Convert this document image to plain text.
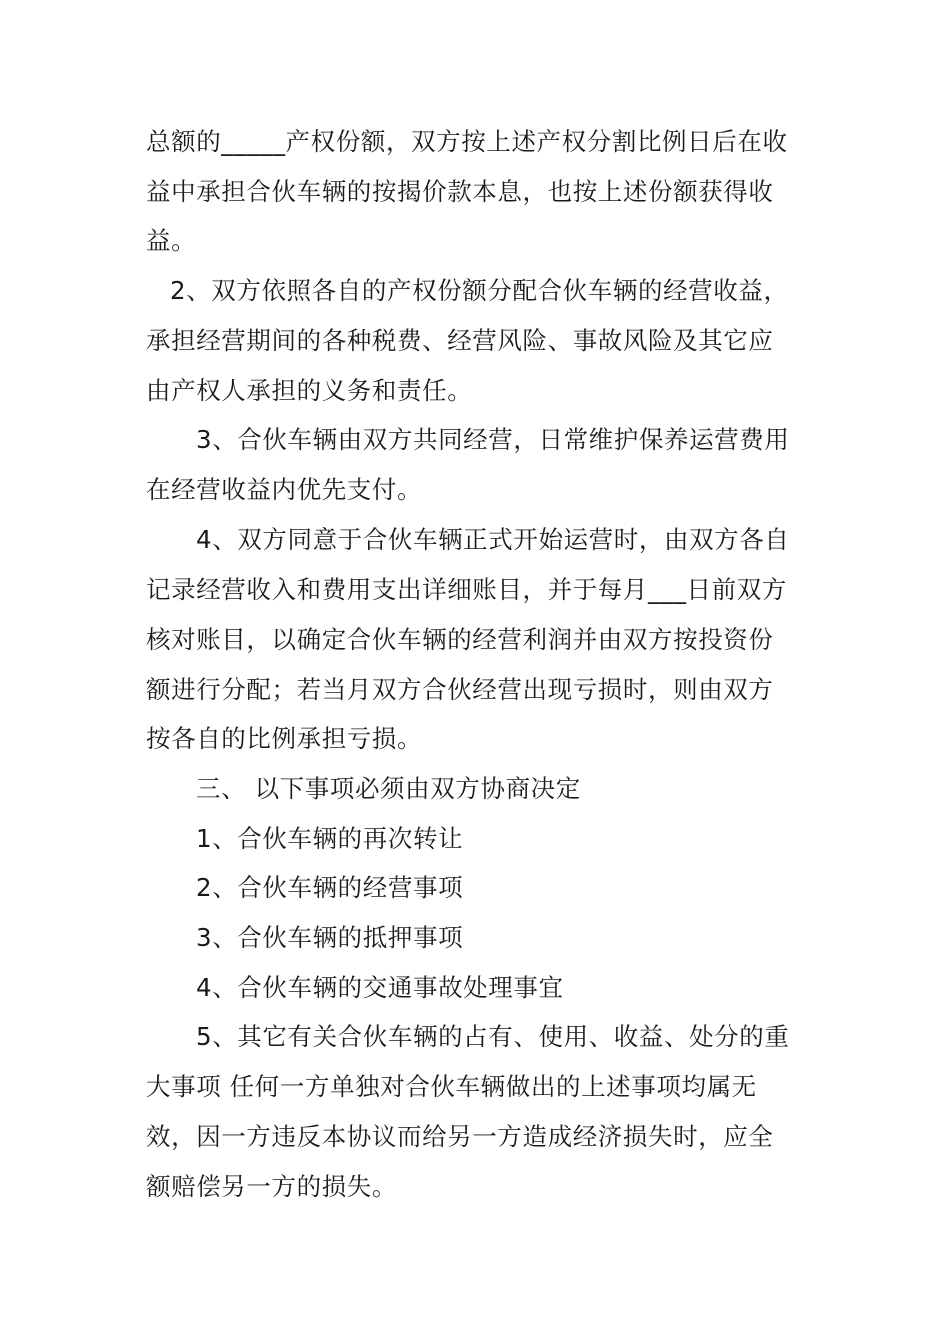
总额的_____产权份额，双方按上述产权分割比例日后在收
益中承担合伙车辆的按揭价款本息，也按上述份额获得收
益。
2、双方依照各自的产权份额分配合伙车辆的经营收益，
承担经营期间的各种税费、经营风险、事故风险及其它应
由产权人承担的义务和责任。
3、合伙车辆由双方共同经营，日常维护保养运营费用
在经营收益内优先支付。
4、双方同意于合伙车辆正式开始运营时，由双方各自
记录经营收入和费用支出详细账目，并于每月___日前双方
核对账目，以确定合伙车辆的经营利润并由双方按投资份
额进行分配；若当月双方合伙经营出现亏损时，则由双方
按各自的比例承担亏损。
三、 以下事项必须由双方协商决定
1、合伙车辆的再次转让
2、合伙车辆的经营事项
3、合伙车辆的抵押事项
4、合伙车辆的交通事故处理事宜
5、其它有关合伙车辆的占有、使用、收益、处分的重
大事项 任何一方单独对合伙车辆做出的上述事项均属无
效，因一方违反本协议而给另一方造成经济损失时，应全
额赔偿另一方的损失。
